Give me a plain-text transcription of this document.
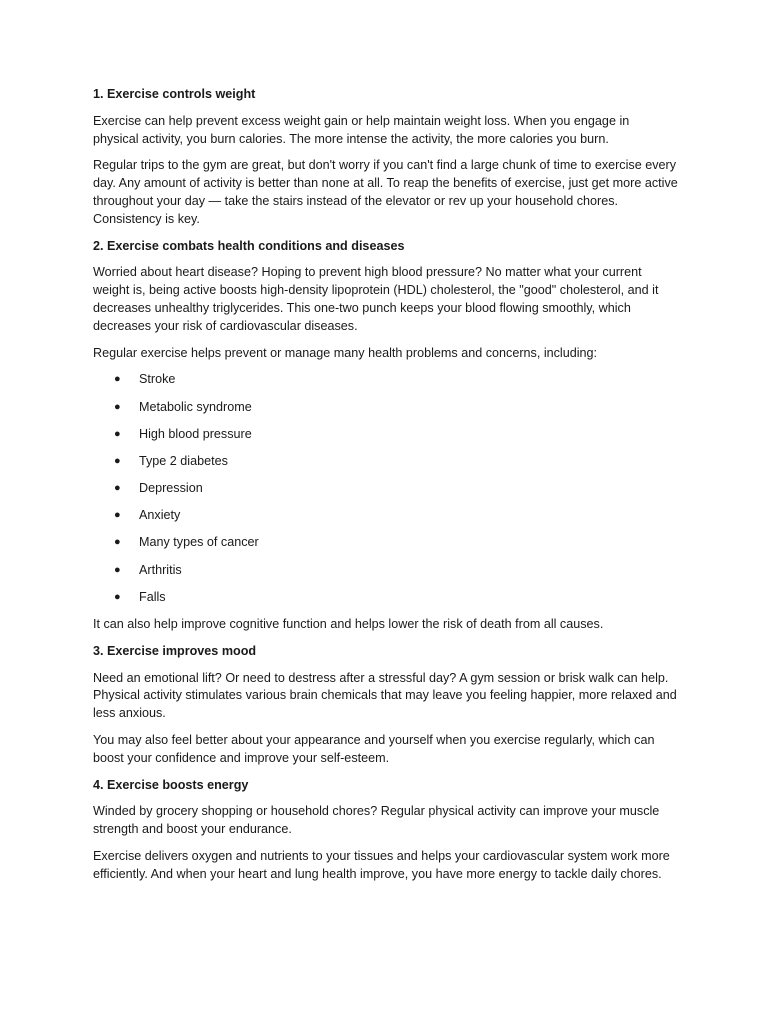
1. Exercise controls weight

Exercise can help prevent excess weight gain or help maintain weight loss. When you engage in physical activity, you burn calories. The more intense the activity, the more calories you burn.

Regular trips to the gym are great, but don't worry if you can't find a large chunk of time to exercise every day. Any amount of activity is better than none at all. To reap the benefits of exercise, just get more active throughout your day — take the stairs instead of the elevator or rev up your household chores. Consistency is key.

2. Exercise combats health conditions and diseases

Worried about heart disease? Hoping to prevent high blood pressure? No matter what your current weight is, being active boosts high-density lipoprotein (HDL) cholesterol, the "good" cholesterol, and it decreases unhealthy triglycerides. This one-two punch keeps your blood flowing smoothly, which decreases your risk of cardiovascular diseases.

Regular exercise helps prevent or manage many health problems and concerns, including:

● Stroke
● Metabolic syndrome
● High blood pressure
● Type 2 diabetes
● Depression
● Anxiety
● Many types of cancer
● Arthritis
● Falls

It can also help improve cognitive function and helps lower the risk of death from all causes.

3. Exercise improves mood

Need an emotional lift? Or need to destress after a stressful day? A gym session or brisk walk can help. Physical activity stimulates various brain chemicals that may leave you feeling happier, more relaxed and less anxious.

You may also feel better about your appearance and yourself when you exercise regularly, which can boost your confidence and improve your self-esteem.

4. Exercise boosts energy

Winded by grocery shopping or household chores? Regular physical activity can improve your muscle strength and boost your endurance.

Exercise delivers oxygen and nutrients to your tissues and helps your cardiovascular system work more efficiently. And when your heart and lung health improve, you have more energy to tackle daily chores.
